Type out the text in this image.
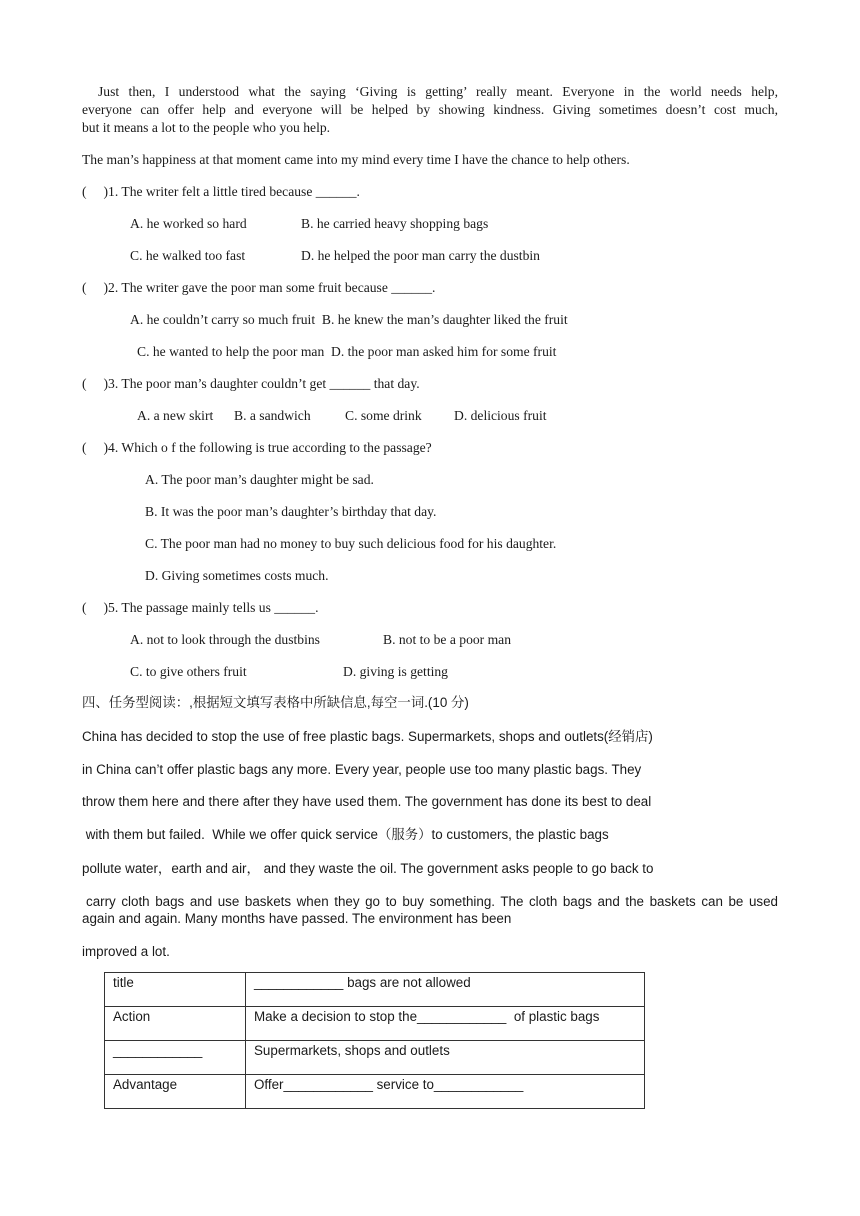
Just then, I understood what the saying ‘Giving is getting’ really meant. Everyone in the world needs help,
everyone can offer help and everyone will be helped by showing kindness. Giving sometimes doesn’t cost much,
but it means a lot to the people who you help.
The man’s happiness at that moment came into my mind every time I have the chance to help others.
(     )1. The writer felt a little tired because ______.
A. he worked so hard	B. he carried heavy shopping bags
C. he walked too fast	D. he helped the poor man carry the dustbin
(     )2. The writer gave the poor man some fruit because ______.
A. he couldn’t carry so much fruit  B. he knew the man’s daughter liked the fruit
C. he wanted to help the poor man  D. the poor man asked him for some fruit
(     )3. The poor man’s daughter couldn’t get ______ that day.
A. a new skirt B. a sandwich	C. some drink D. delicious fruit
(     )4. Which o f the following is true according to the passage?
A. The poor man’s daughter might be sad.
B. It was the poor man’s daughter’s birthday that day.
C. The poor man had no money to buy such delicious food for his daughter.
D. Giving sometimes costs much.
(     )5. The passage mainly tells us ______.
A. not to look through the dustbins	B. not to be a poor man
C. to give others fruit	D. giving is getting
四、任务型阅读：,根据短文填写表格中所缺信息,每空一词.(10 分)
China has decided to stop the use of free plastic bags. Supermarkets, shops and outlets(经销店)
in China can’t offer plastic bags any more. Every year, people use too many plastic bags. They
throw them here and there after they have used them. The government has done its best to deal
with them but failed.  While we offer quick service（服务）to customers, the plastic bags
pollute water，earth and air， and they waste the oil. The government asks people to go back to
carry cloth bags and use baskets when they go to buy something. The cloth bags and the baskets can be used
again and again. Many months have passed. The environment has been
improved a lot.
title	____________ bags are not allowed
Action	Make a decision to stop the____________  of plastic bags
____________	Supermarkets, shops and outlets
Advantage	Offer____________ service to____________
